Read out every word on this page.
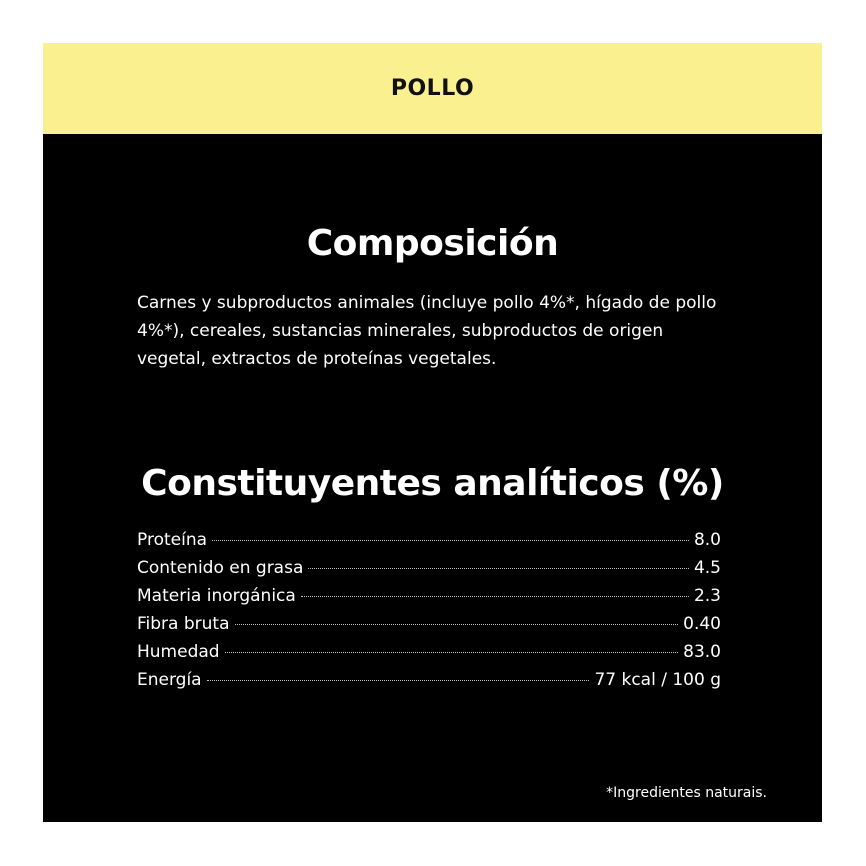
POLLO
Composición
Carnes y subproductos animales (incluye pollo 4%*, hígado de pollo 4%*), cereales, sustancias minerales, subproductos de origen vegetal, extractos de proteínas vegetales.
Constituyentes analíticos (%)
Proteína	8.0
Contenido en grasa	4.5
Materia inorgánica	2.3
Fibra bruta	0.40
Humedad	83.0
Energía	77 kcal / 100 g
*Ingredientes naturais.
